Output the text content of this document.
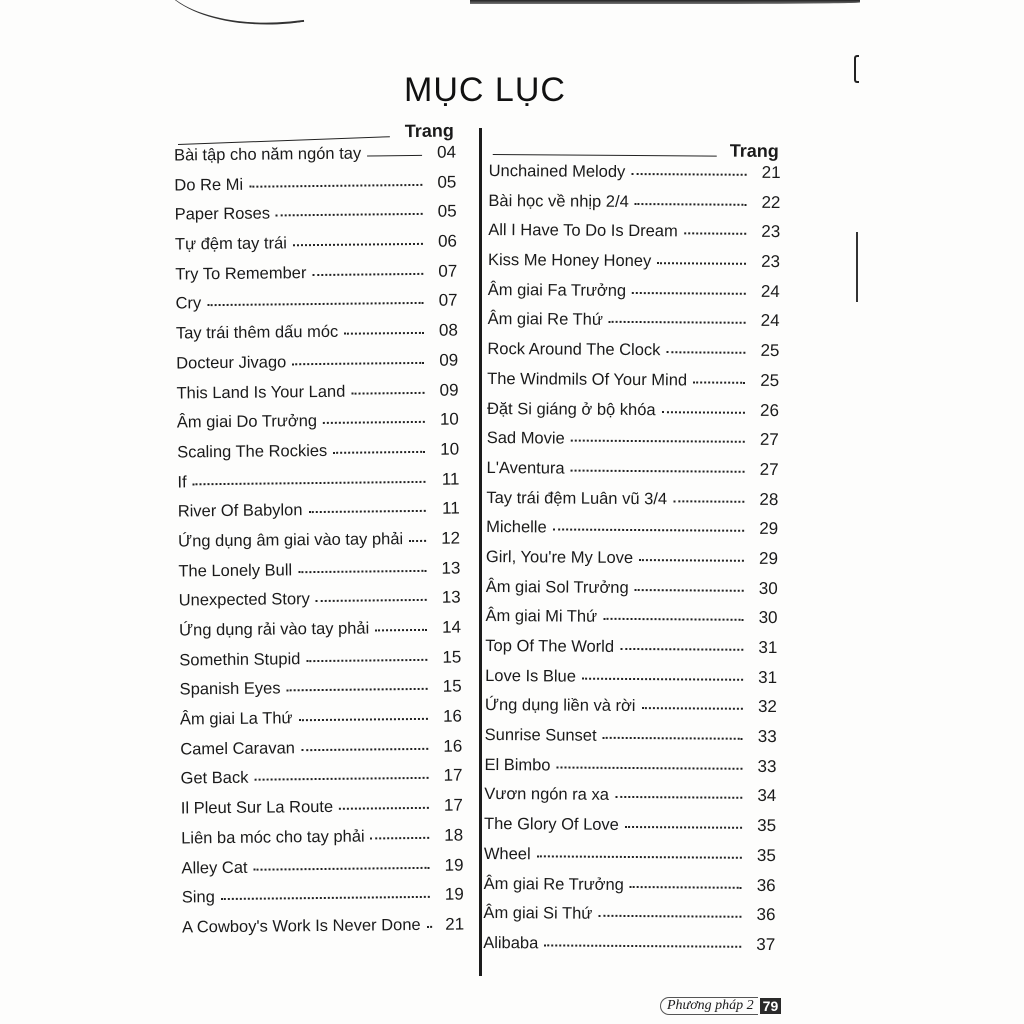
MỤC LỤC
Trang
Bài tập cho năm ngón tay	04
Do Re Mi	05
Paper Roses	05
Tự đệm tay trái	06
Try To Remember	07
Cry	07
Tay trái thêm dấu móc	08
Docteur Jivago	09
This Land Is Your Land	09
Âm giai Do Trưởng	10
Scaling The Rockies	10
If	11
River Of Babylon	11
Ứng dụng âm giai vào tay phải	12
The Lonely Bull	13
Unexpected Story	13
Ứng dụng rải vào tay phải	14
Somethin Stupid	15
Spanish Eyes	15
Âm giai La Thứ	16
Camel Caravan	16
Get Back	17
Il Pleut Sur La Route	17
Liên ba móc cho tay phải	18
Alley Cat	19
Sing	19
A Cowboy's Work Is Never Done	21
Trang
Unchained Melody	21
Bài học về nhịp 2/4	22
All I Have To Do Is Dream	23
Kiss Me Honey Honey	23
Âm giai Fa Trưởng	24
Âm giai Re Thứ	24
Rock Around The Clock	25
The Windmils Of Your Mind	25
Đặt Si giáng ở bộ khóa	26
Sad Movie	27
L'Aventura	27
Tay trái đệm Luân vũ 3/4	28
Michelle	29
Girl, You're My Love	29
Âm giai Sol Trưởng	30
Âm giai Mi Thứ	30
Top Of The World	31
Love Is Blue	31
Ứng dụng liền và rời	32
Sunrise Sunset	33
El Bimbo	33
Vươn ngón ra xa	34
The Glory Of Love	35
Wheel	35
Âm giai Re Trưởng	36
Âm giai Si Thứ	36
Alibaba	37
Phương pháp 2 79
